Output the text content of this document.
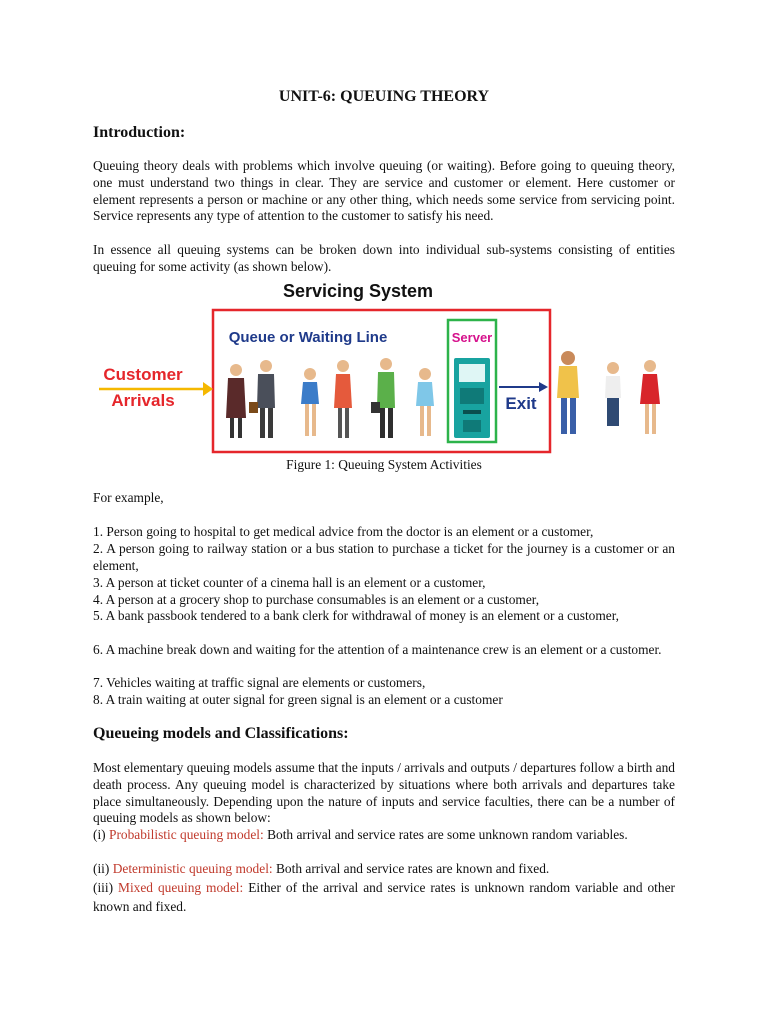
UNIT-6: QUEUING THEORY
Introduction:
Queuing theory deals with problems which involve queuing (or waiting). Before going to queuing theory, one must understand two things in clear. They are service and customer or element. Here customer or element represents a person or machine or any other thing, which needs some service from servicing point. Service represents any type of attention to the customer to satisfy his need.
In essence all queuing systems can be broken down into individual sub-systems consisting of entities queuing for some activity (as shown below).
Servicing System
Queue or Waiting Line	Server
Customer
Arrivals	Exit
Figure 1: Queuing System Activities
For example,
1. Person going to hospital to get medical advice from the doctor is an element or a customer,
2. A person going to railway station or a bus station to purchase a ticket for the journey is a customer or an element,
3. A person at ticket counter of a cinema hall is an element or a customer,
4. A person at a grocery shop to purchase consumables is an element or a customer,
5. A bank passbook tendered to a bank clerk for withdrawal of money is an element or a customer,
6. A machine break down and waiting for the attention of a maintenance crew is an element or a customer.
7. Vehicles waiting at traffic signal are elements or customers,
8. A train waiting at outer signal for green signal is an element or a customer
Queueing models and Classifications:
Most elementary queuing models assume that the inputs / arrivals and outputs / departures follow a birth and death process. Any queuing model is characterized by situations where both arrivals and departures take place simultaneously. Depending upon the nature of inputs and service faculties, there can be a number of queuing models as shown below:
(i) Probabilistic queuing model: Both arrival and service rates are some unknown random variables.
(ii) Deterministic queuing model: Both arrival and service rates are known and fixed.
(iii) Mixed queuing model: Either of the arrival and service rates is unknown random variable and other known and fixed.
